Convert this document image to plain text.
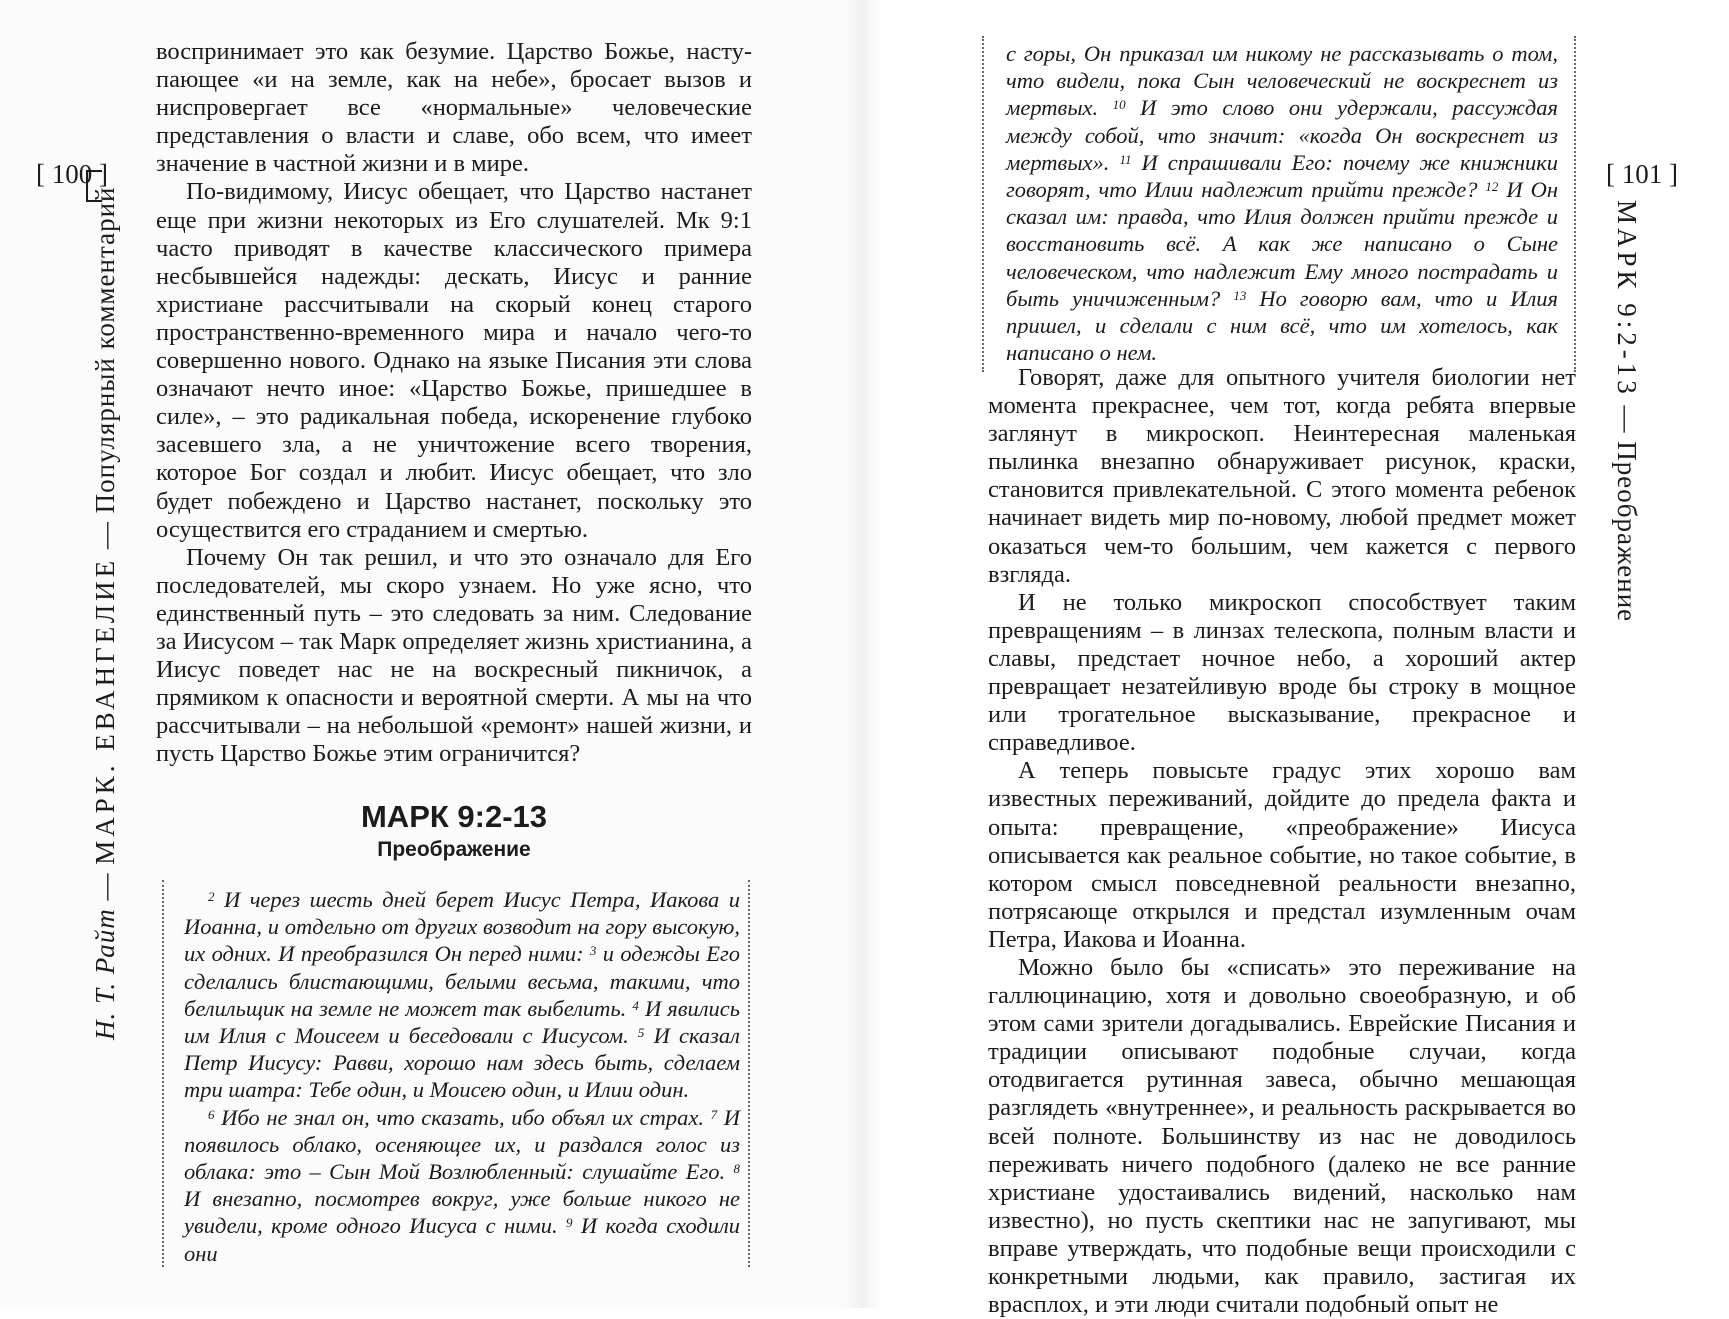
[ 100 ]
Н. Т. Райт — МАРК. ЕВАНГЕЛИЕ — Популярный комментарий

воспринимает это как безумие. Царство Божье, наступающее «и на земле, как на небе», бросает вызов и ниспровергает все «нормальные» человеческие представления о власти и славе, обо всем, что имеет значение в частной жизни и в мире.

По-видимому, Иисус обещает, что Царство настанет еще при жизни некоторых из Его слушателей. Мк 9:1 часто приводят в качестве классического примера несбывшейся надежды: дескать, Иисус и ранние христиане рассчитывали на скорый конец старого пространственно-временного мира и начало чего-то совершенно нового. Однако на языке Писания эти слова означают нечто иное: «Царство Божье, пришедшее в силе», – это радикальная победа, искоренение глубоко засевшего зла, а не уничтожение всего творения, которое Бог создал и любит. Иисус обещает, что зло будет побеждено и Царство настанет, поскольку это осуществится его страданием и смертью.

Почему Он так решил, и что это означало для Его последователей, мы скоро узнаем. Но уже ясно, что единственный путь – это следовать за ним. Следование за Иисусом – так Марк определяет жизнь христианина, а Иисус поведет нас не на воскресный пикничок, а прямиком к опасности и вероятной смерти. А мы на что рассчитывали – на небольшой «ремонт» нашей жизни, и пусть Царство Божье этим ограничится?

МАРК 9:2-13
Преображение

$^2$ И через шесть дней берет Иисус Петра, Иакова и Иоанна, и отдельно от других возводит на гору высокую, их одних. И преобразился Он перед ними: $^3$ и одежды Его сделались блистающими, белыми весьма, такими, что белильщик на земле не может так выбелить. $^4$ И явились им Илия с Моисеем и беседовали с Иисусом. $^5$ И сказал Петр Иисусу: Равви, хорошо нам здесь быть, сделаем три шатра: Тебе один, и Моисею один, и Илии один.

$^6$ Ибо не знал он, что сказать, ибо объял их страх. $^7$ И появилось облако, осеняющее их, и раздался голос из облака: это – Сын Мой Возлюбленный: слушайте Его. $^8$ И внезапно, посмотрев вокруг, уже больше никого не увидели, кроме одного Иисуса с ними. $^9$ И когда сходили они

[ 101 ]
МАРК 9:2-13 — Преображение

с горы, Он приказал им никому не рассказывать о том, что видели, пока Сын человеческий не воскреснет из мертвых. $^{10}$ И это слово они удержали, рассуждая между собой, что значит: «когда Он воскреснет из мертвых». $^{11}$ И спрашивали Его: почему же книжники говорят, что Илии надлежит прийти прежде? $^{12}$ И Он сказал им: правда, что Илия должен прийти прежде и восстановить всё. А как же написано о Сыне человеческом, что надлежит Ему много пострадать и быть уничиженным? $^{13}$ Но говорю вам, что и Илия пришел, и сделали с ним всё, что им хотелось, как написано о нем.

Говорят, даже для опытного учителя биологии нет момента прекраснее, чем тот, когда ребята впервые заглянут в микроскоп. Неинтересная маленькая пылинка внезапно обнаруживает рисунок, краски, становится привлекательной. С этого момента ребенок начинает видеть мир по-новому, любой предмет может оказаться чем-то большим, чем кажется с первого взгляда.

И не только микроскоп способствует таким превращениям – в линзах телескопа, полным власти и славы, предстает ночное небо, а хороший актер превращает незатейливую вроде бы строку в мощное или трогательное высказывание, прекрасное и справедливое.

А теперь повысьте градус этих хорошо вам известных переживаний, дойдите до предела факта и опыта: превращение, «преображение» Иисуса описывается как реальное событие, но такое событие, в котором смысл повседневной реальности внезапно, потрясающе открылся и предстал изумленным очам Петра, Иакова и Иоанна.

Можно было бы «списать» это переживание на галлюцинацию, хотя и довольно своеобразную, и об этом сами зрители догадывались. Еврейские Писания и традиции описывают подобные случаи, когда отодвигается рутинная завеса, обычно мешающая разглядеть «внутреннее», и реальность раскрывается во всей полноте. Большинству из нас не доводилось переживать ничего подобного (далеко не все ранние христиане удостаивались видений, насколько нам известно), но пусть скептики нас не запугивают, мы вправе утверждать, что подобные вещи происходили с конкретными людьми, как правило, застигая их врасплох, и эти люди считали подобный опыт не
